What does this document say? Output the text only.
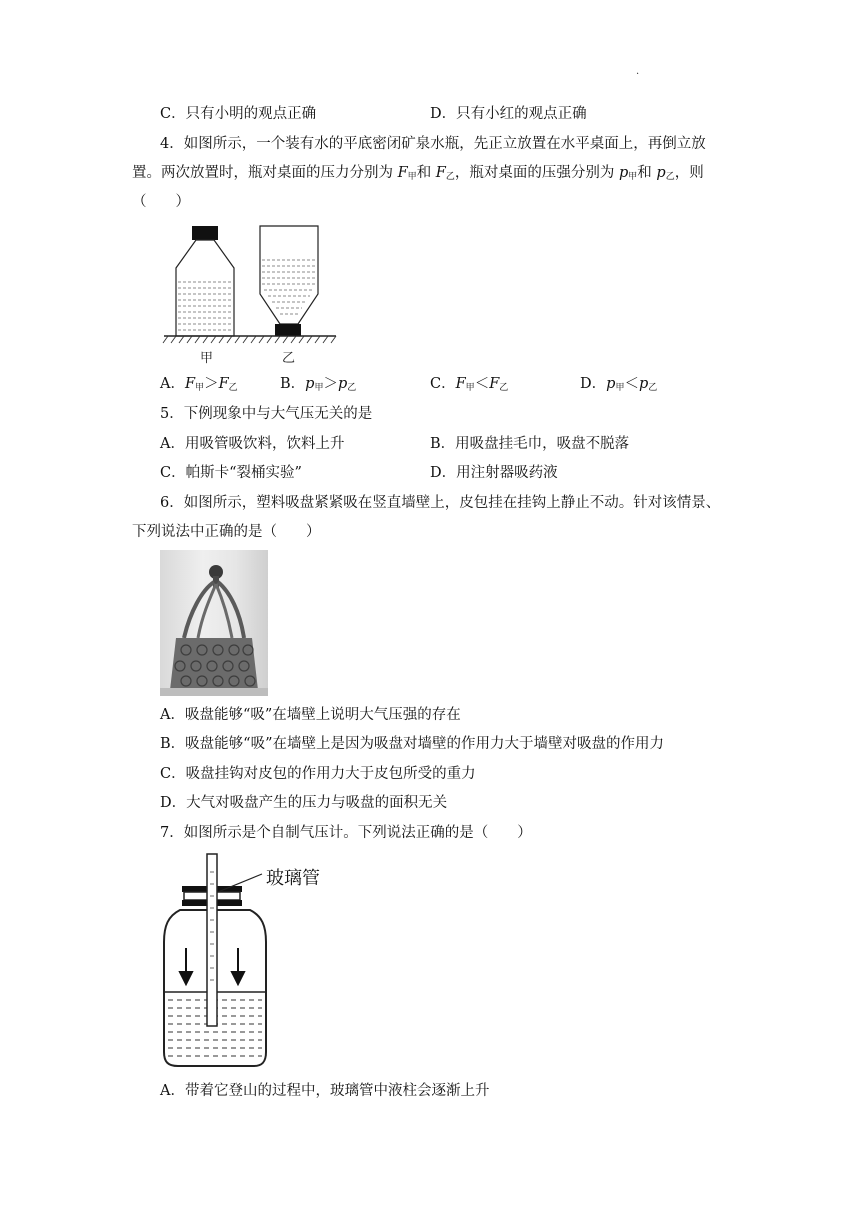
.
C．只有小明的观点正确	D．只有小红的观点正确
4．如图所示，一个装有水的平底密闭矿泉水瓶，先正立放置在水平桌面上，再倒立放
置。两次放置时，瓶对桌面的压力分别为 $F_甲$和 $F_乙$，瓶对桌面的压强分别为 $p_甲$和 $p_乙$，则
（　　）
甲	乙
A．$F_甲>F_乙$	B．$p_甲>p_乙$	C．$F_甲<F_乙$	D．$p_甲<p_乙$
5．下例现象中与大气压无关的是
A．用吸管吸饮料，饮料上升	B．用吸盘挂毛巾，吸盘不脱落
C．帕斯卡“裂桶实验”	D．用注射器吸药液
6．如图所示，塑料吸盘紧紧吸在竖直墙壁上，皮包挂在挂钩上静止不动。针对该情景、
下列说法中正确的是（　　）
A．吸盘能够“吸”在墙壁上说明大气压强的存在
B．吸盘能够“吸”在墙壁上是因为吸盘对墙壁的作用力大于墙壁对吸盘的作用力
C．吸盘挂钩对皮包的作用力大于皮包所受的重力
D．大气对吸盘产生的压力与吸盘的面积无关
7．如图所示是个自制气压计。下列说法正确的是（　　）
玻璃管
A．带着它登山的过程中，玻璃管中液柱会逐渐上升
